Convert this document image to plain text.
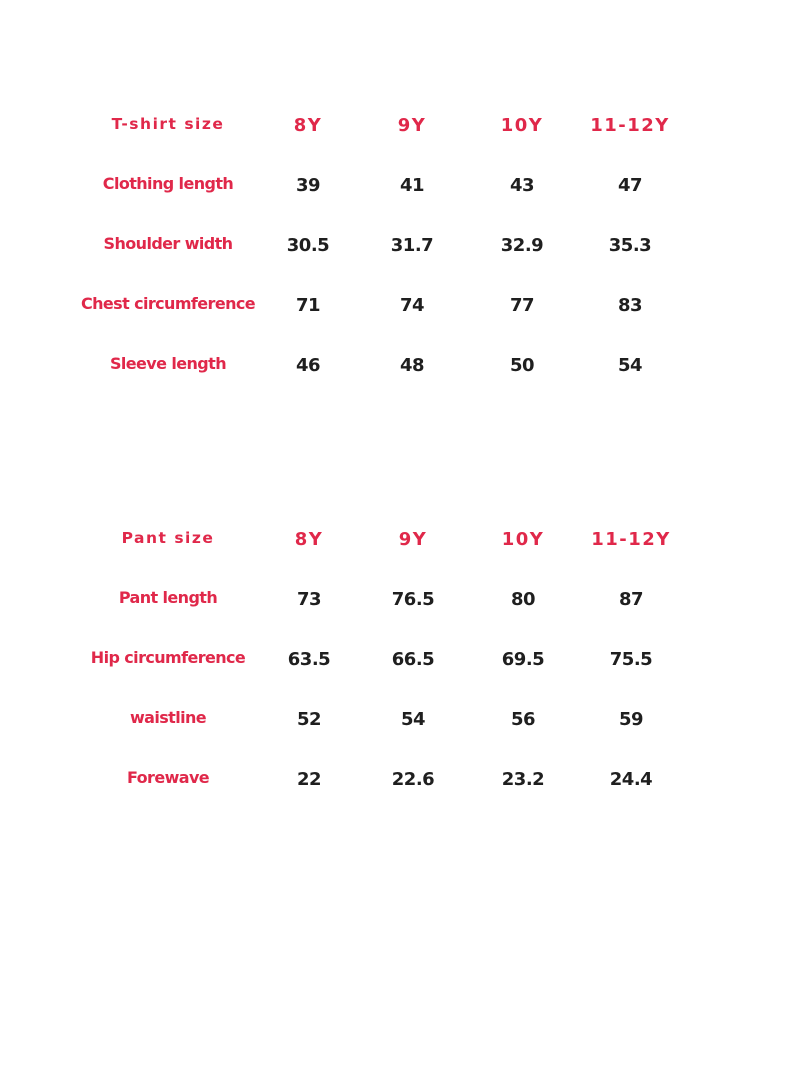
T-shirt size	8Y	9Y	10Y	11-12Y
Clothing length	39	41	43	47
Shoulder width	30.5	31.7	32.9	35.3
Chest circumference	71	74	77	83
Sleeve length	46	48	50	54
Pant size	8Y	9Y	10Y	11-12Y
Pant length	73	76.5	80	87
Hip circumference	63.5	66.5	69.5	75.5
waistline	52	54	56	59
Forewave	22	22.6	23.2	24.4
